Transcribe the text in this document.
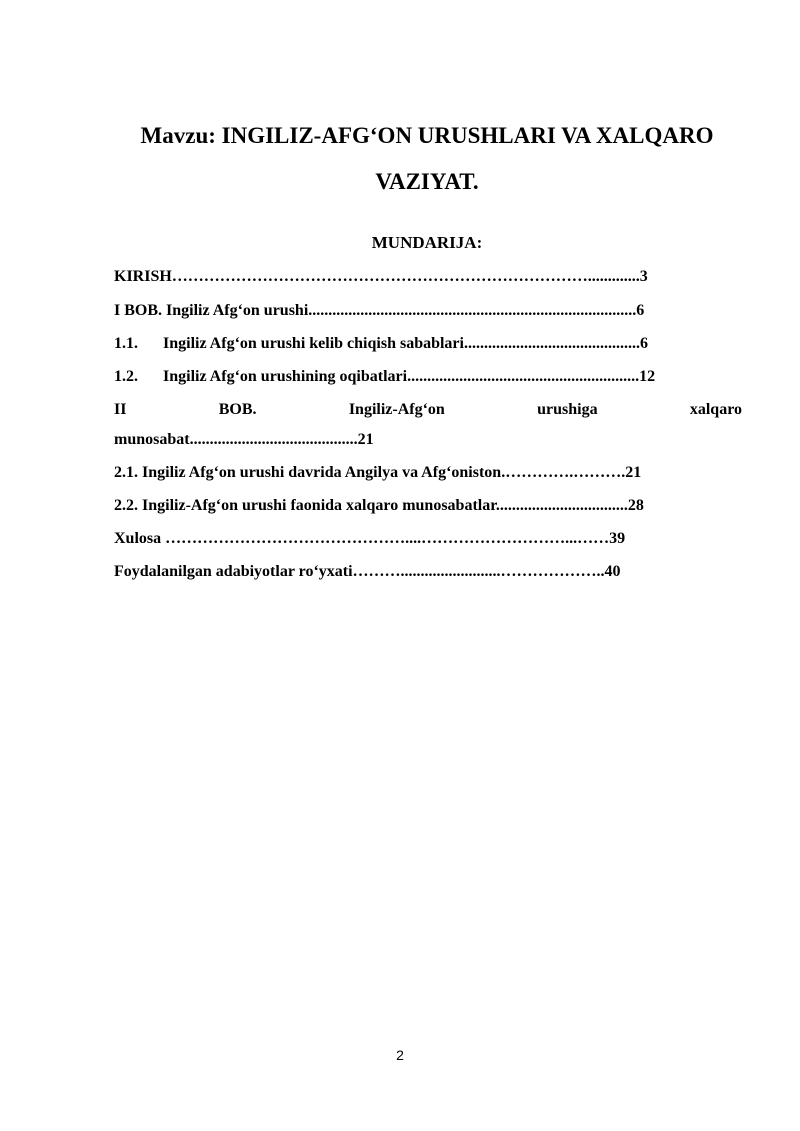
Mavzu: INGILIZ-AFG‘ON URUSHLARI VA XALQARO
VAZIYAT.
MUNDARIJA:
KIRISH…………………………………………………………………….............3
I BOB. Ingiliz Afg‘on urushi..................................................................................6
1.1. Ingiliz Afg‘on urushi kelib chiqish sabablari............................................6
1.2. Ingiliz Afg‘on urushining oqibatlari..........................................................12
II	BOB.	Ingiliz-Afg‘on	urushiga	xalqaro
munosabat..........................................21
2.1. Ingiliz Afg‘on urushi davrida Angilya va Afg‘oniston.………….……….21
2.2. Ingiliz-Afg‘on urushi faonida xalqaro munosabatlar.................................28
Xulosa ………………………………………....………………………...……39
Foydalanilgan adabiyotlar ro‘yxati……….........................………………..40
2
